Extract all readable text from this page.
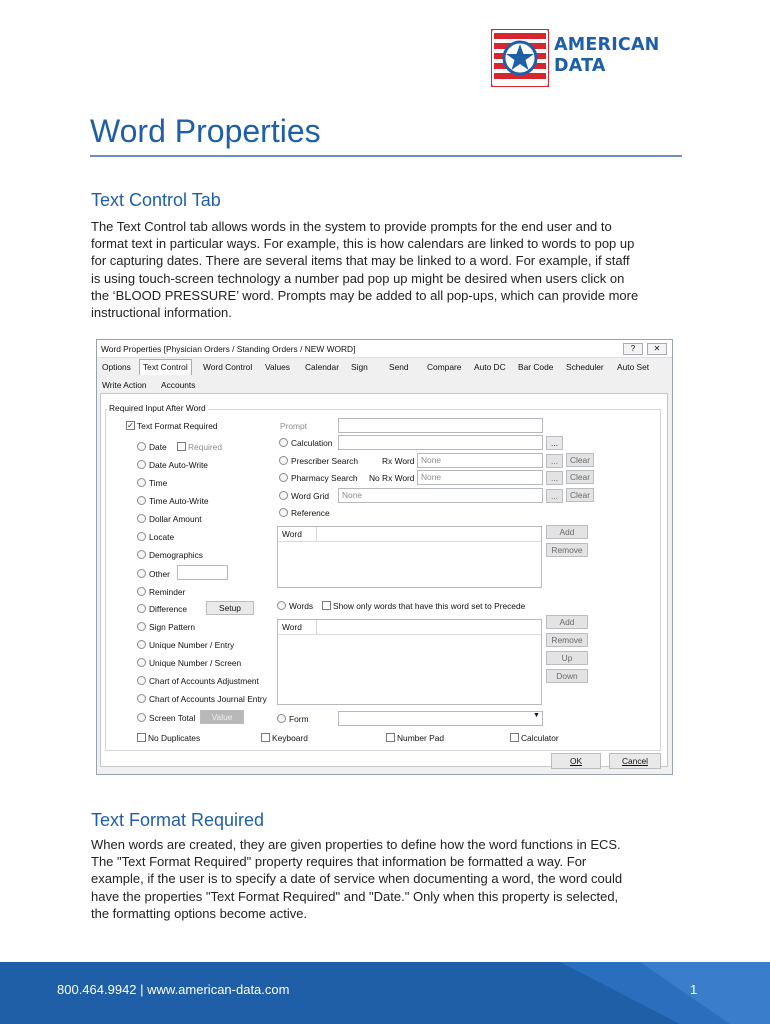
AMERICAN
DATA
Word Properties
Text Control Tab
The Text Control tab allows words in the system to provide prompts for the end user and to
format text in particular ways. For example, this is how calendars are linked to words to pop up
for capturing dates. There are several items that may be linked to a word. For example, if staff
is using touch-screen technology a number pad pop up might be desired when users click on
the ‘BLOOD PRESSURE’ word. Prompts may be added to all pop-ups, which can provide more
instructional information.
Word Properties [Physician Orders / Standing Orders / NEW WORD]	?	✕
Options	Text Control	Word Control	Values	Calendar	Sign	Send	Compare	Auto DC	Bar Code	Scheduler	Auto Set
Write Action	Accounts
Required Input After Word
✓ Text Format Required
Date	Required
Date Auto-Write
Time
Time Auto-Write
Dollar Amount
Locate
Demographics
Other
Reminder
Difference	Setup
Sign Pattern
Unique Number / Entry
Unique Number / Screen
Chart of Accounts Adjustment
Chart of Accounts Journal Entry
Screen Total	Value
No Duplicates
Prompt
Calculation	...
Prescriber Search	Rx Word None	...	Clear
Pharmacy Search No Rx Word None	...	Clear
Word Grid	None	...	Clear
Reference
Word	Add
Remove
Words Show only words that have this word set to Precede
Word	Add
Remove
Up
Down
Form	▼
Keyboard	Number Pad	Calculator
OK	Cancel
Text Format Required
When words are created, they are given properties to define how the word functions in ECS.
The "Text Format Required" property requires that information be formatted a way. For
example, if the user is to specify a date of service when documenting a word, the word could
have the properties "Text Format Required" and "Date." Only when this property is selected,
the formatting options become active.
800.464.9942 | www.american-data.com	1
